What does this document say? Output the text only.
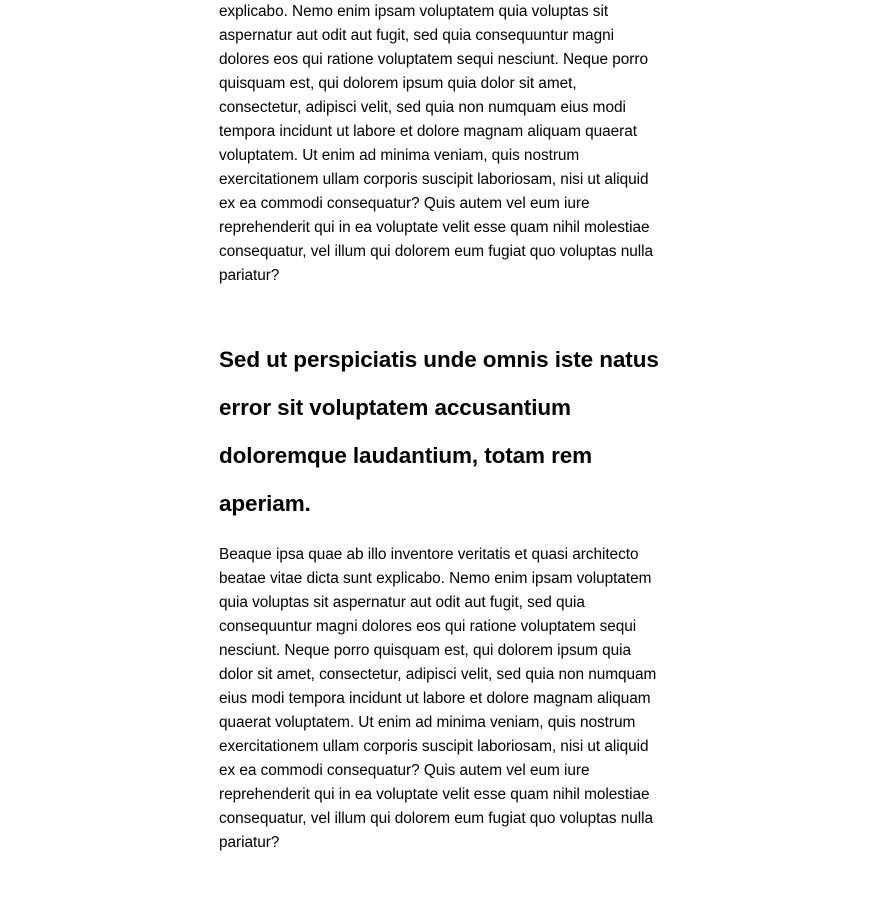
explicabo. Nemo enim ipsam voluptatem quia voluptas sit aspernatur aut odit aut fugit, sed quia consequuntur magni dolores eos qui ratione voluptatem sequi nesciunt. Neque porro quisquam est, qui dolorem ipsum quia dolor sit amet, consectetur, adipisci velit, sed quia non numquam eius modi tempora incidunt ut labore et dolore magnam aliquam quaerat voluptatem. Ut enim ad minima veniam, quis nostrum exercitationem ullam corporis suscipit laboriosam, nisi ut aliquid ex ea commodi consequatur? Quis autem vel eum iure reprehenderit qui in ea voluptate velit esse quam nihil molestiae consequatur, vel illum qui dolorem eum fugiat quo voluptas nulla pariatur?

Sed ut perspiciatis unde omnis iste natus error sit voluptatem accusantium doloremque laudantium, totam rem aperiam.

Beaque ipsa quae ab illo inventore veritatis et quasi architecto beatae vitae dicta sunt explicabo. Nemo enim ipsam voluptatem quia voluptas sit aspernatur aut odit aut fugit, sed quia consequuntur magni dolores eos qui ratione voluptatem sequi nesciunt. Neque porro quisquam est, qui dolorem ipsum quia dolor sit amet, consectetur, adipisci velit, sed quia non numquam eius modi tempora incidunt ut labore et dolore magnam aliquam quaerat voluptatem. Ut enim ad minima veniam, quis nostrum exercitationem ullam corporis suscipit laboriosam, nisi ut aliquid ex ea commodi consequatur? Quis autem vel eum iure reprehenderit qui in ea voluptate velit esse quam nihil molestiae consequatur, vel illum qui dolorem eum fugiat quo voluptas nulla pariatur?
